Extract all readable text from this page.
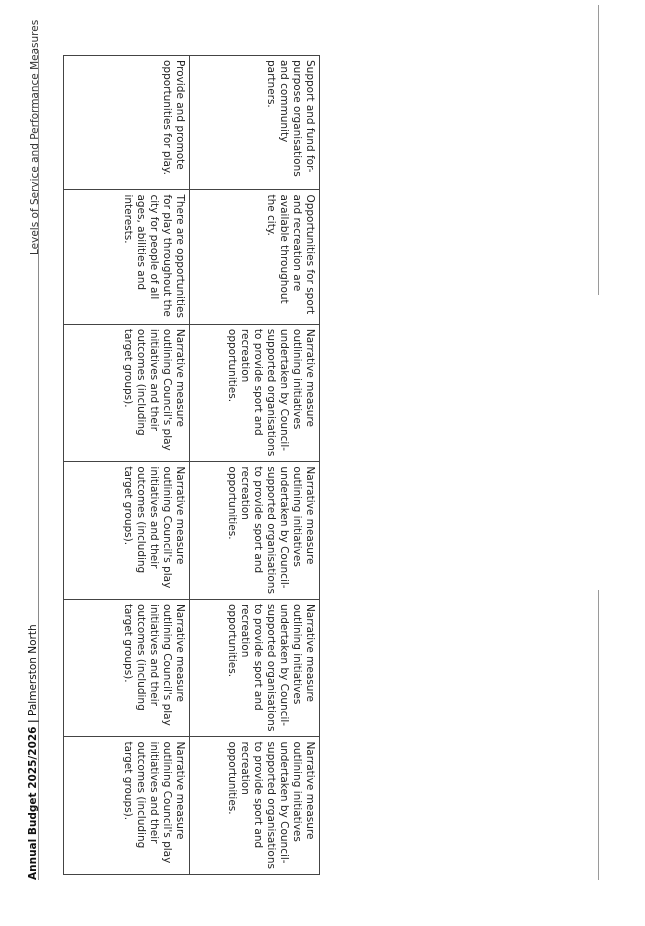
Levels of Service and Performance Measures
Annual Budget 2025/2026 | Palmerston North
Support and fund for-purpose organisations and community partners.	Opportunities for sport and recreation are available throughout the city.	Narrative measure outlining initiatives undertaken by Council-supported organisations to provide sport and recreation opportunities.	Narrative measure outlining initiatives undertaken by Council-supported organisations to provide sport and recreation opportunities.	Narrative measure outlining initiatives undertaken by Council-supported organisations to provide sport and recreation opportunities.	Narrative measure outlining initiatives undertaken by Council-supported organisations to provide sport and recreation opportunities.
Provide and promote opportunities for play.	There are opportunities for play throughout the city for people of all ages, abilities and interests.	Narrative measure outlining Council's play initiatives and their outcomes (including target groups).	Narrative measure outlining Council's play initiatives and their outcomes (including target groups).	Narrative measure outlining Council's play initiatives and their outcomes (including target groups).	Narrative measure outlining Council's play initiatives and their outcomes (including target groups).
